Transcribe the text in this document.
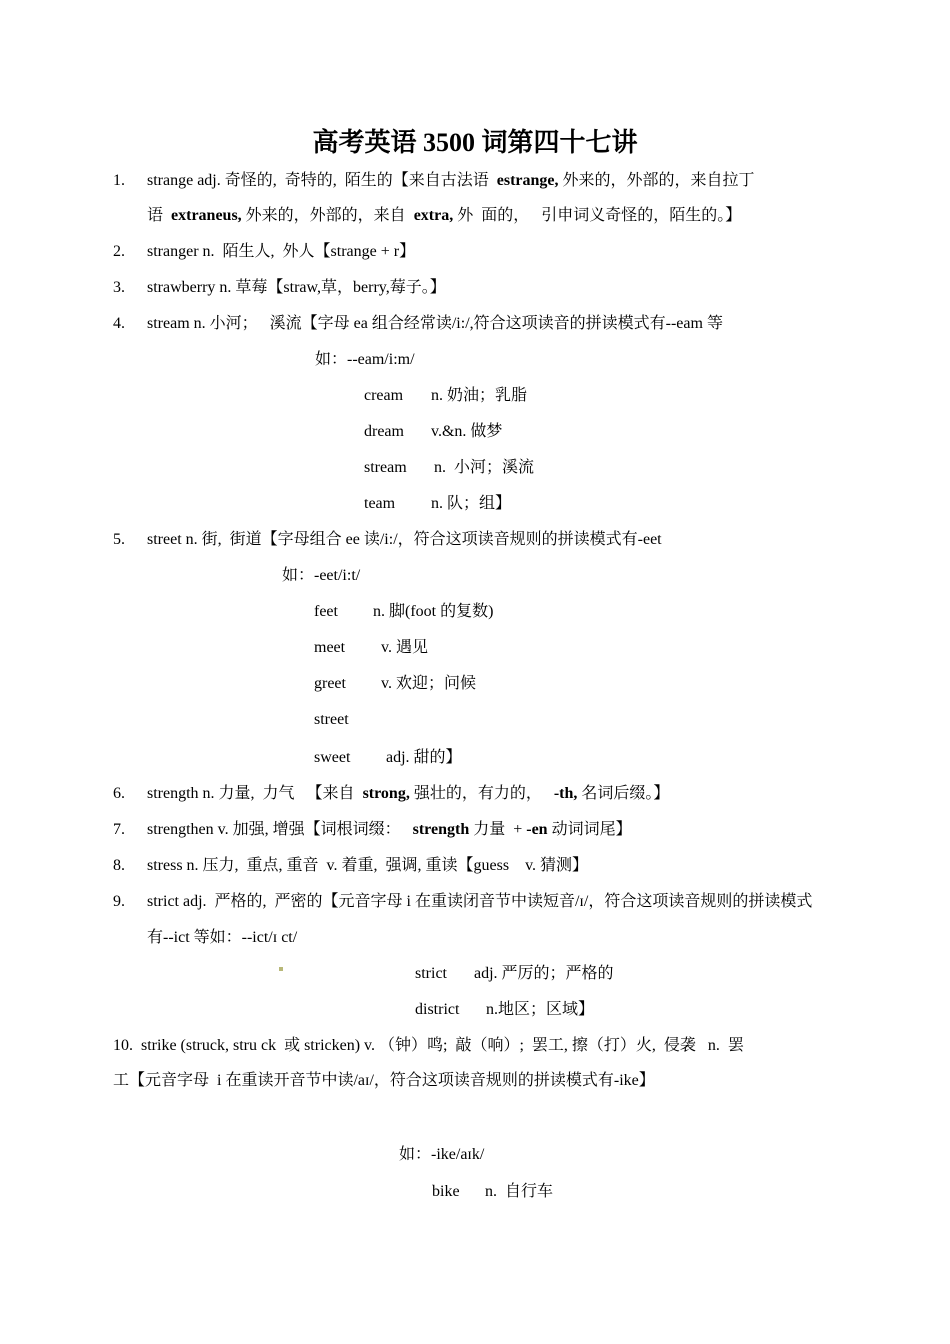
高考英语 3500 词第四十七讲
1. strange adj. 奇怪的,  奇特的,  陌生的【来自古法语  estrange, 外来的，外部的，来自拉丁
语  extraneus, 外来的，外部的，来自  extra, 外  面的，   引申词义奇怪的，陌生的。】
2. stranger n.  陌生人,  外人【strange + r】
3. strawberry n. 草莓【straw,草，berry,莓子。】
4. stream n. 小河；   溪流【字母 ea 组合经常读/i:/,符合这项读音的拼读模式有--eam 等
如：--eam/i:m/
cream n. 奶油；乳脂
dream v.&n. 做梦
stream n.  小河；溪流
team n. 队；组】
5. street n. 街,  街道【字母组合 ee 读/i:/，符合这项读音规则的拼读模式有-eet
如：-eet/i:t/
feet n. 脚(foot 的复数)
meet v. 遇见
greet v. 欢迎；问候
street
sweet adj. 甜的】
6. strength n. 力量,  力气   【来自  strong, 强壮的，有力的，   -th, 名词后缀。】
7. strengthen v. 加强, 增强【词根词缀：   strength 力量  + -en 动词词尾】
8. stress n. 压力,  重点, 重音  v. 着重,  强调, 重读【guess    v. 猜测】
9. strict adj.  严格的,  严密的【元音字母 i 在重读闭音节中读短音/ɪ/，符合这项读音规则的拼读模式
有--ict 等如：--ict/ɪ ct/
strict adj. 严厉的；严格的
district n.地区；区域】
10.  strike (struck, stru ck  或 stricken) v. （钟）鸣;  敲（响）;  罢工, 擦（打）火,  侵袭   n.  罢
工【元音字母  i 在重读开音节中读/aɪ/，符合这项读音规则的拼读模式有-ike】
如：-ike/aɪk/
bike n.  自行车
